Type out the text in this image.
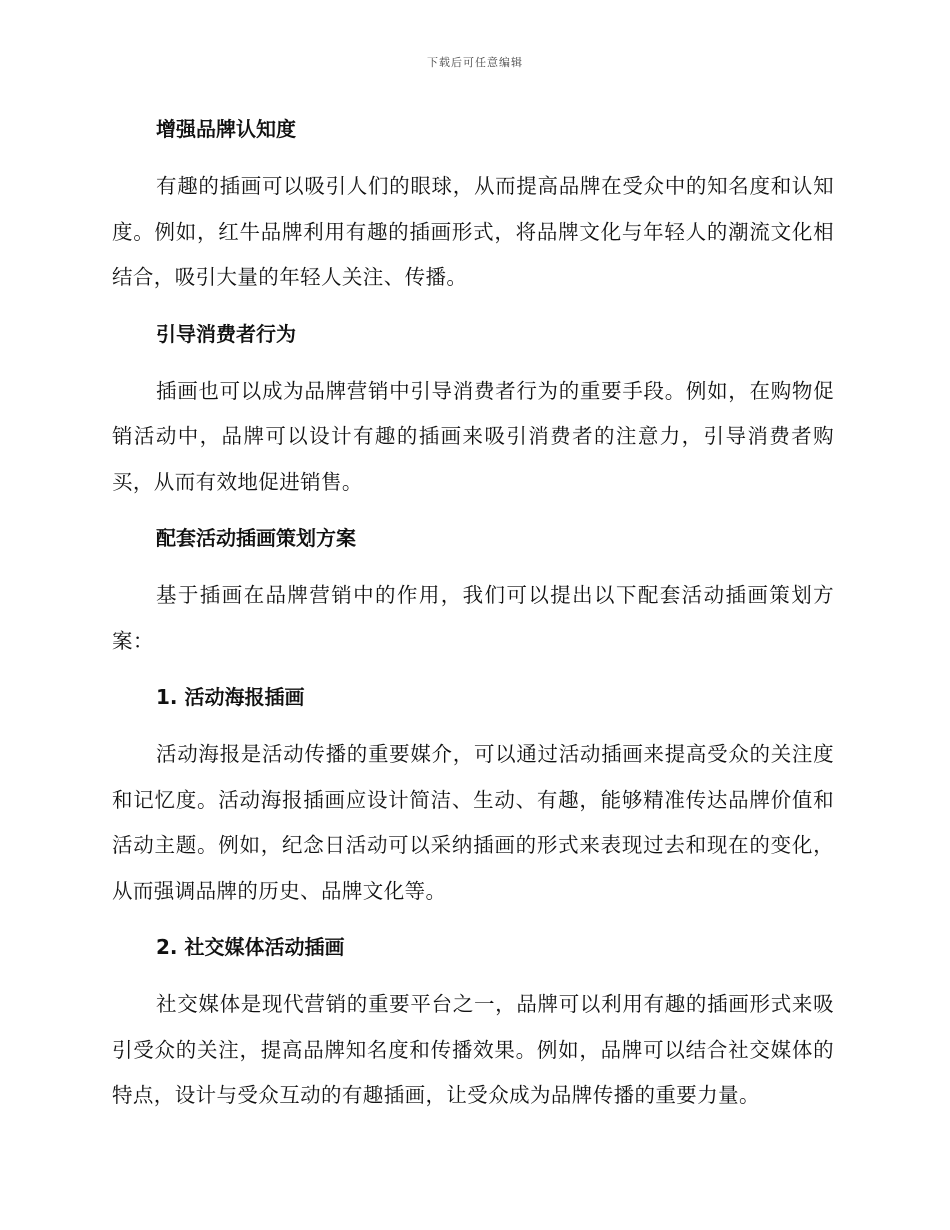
下载后可任意编辑
增强品牌认知度

有趣的插画可以吸引人们的眼球，从而提高品牌在受众中的知名度和认知度。例如，红牛品牌利用有趣的插画形式，将品牌文化与年轻人的潮流文化相结合，吸引大量的年轻人关注、传播。

引导消费者行为

插画也可以成为品牌营销中引导消费者行为的重要手段。例如，在购物促销活动中，品牌可以设计有趣的插画来吸引消费者的注意力，引导消费者购买，从而有效地促进销售。

配套活动插画策划方案

基于插画在品牌营销中的作用，我们可以提出以下配套活动插画策划方案：

1. 活动海报插画

活动海报是活动传播的重要媒介，可以通过活动插画来提高受众的关注度和记忆度。活动海报插画应设计简洁、生动、有趣，能够精准传达品牌价值和活动主题。例如，纪念日活动可以采纳插画的形式来表现过去和现在的变化，从而强调品牌的历史、品牌文化等。

2. 社交媒体活动插画

社交媒体是现代营销的重要平台之一，品牌可以利用有趣的插画形式来吸引受众的关注，提高品牌知名度和传播效果。例如，品牌可以结合社交媒体的特点，设计与受众互动的有趣插画，让受众成为品牌传播的重要力量。
